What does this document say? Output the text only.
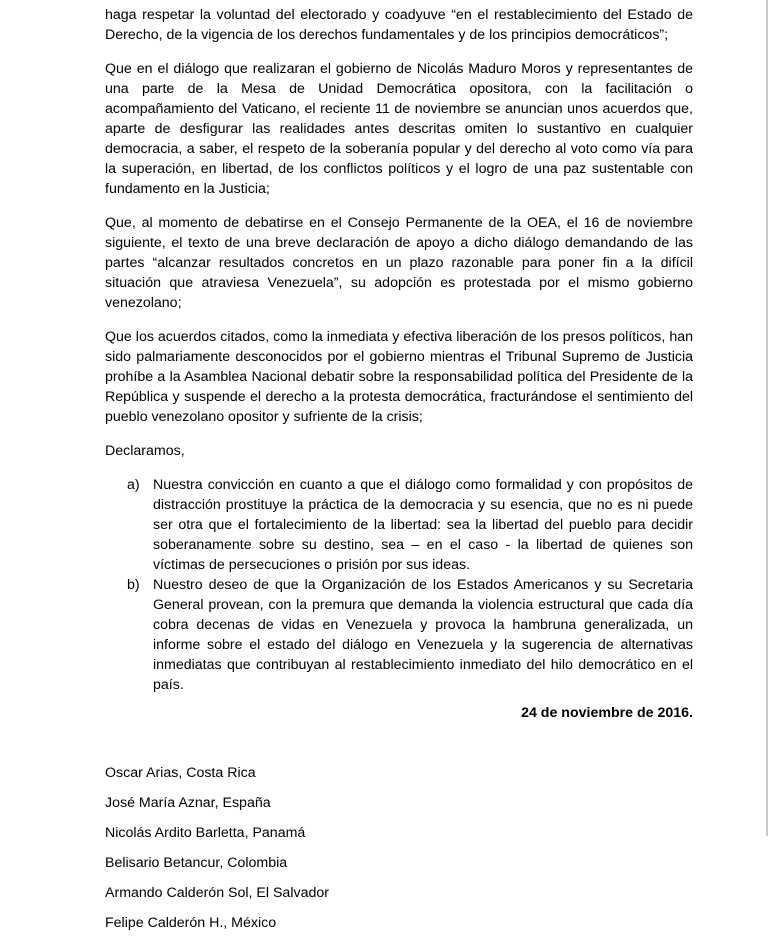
haga respetar la voluntad del electorado y coadyuve “en el restablecimiento del Estado de Derecho, de la vigencia de los derechos fundamentales y de los principios democráticos”;

Que en el diálogo que realizaran el gobierno de Nicolás Maduro Moros y representantes de una parte de la Mesa de Unidad Democrática opositora, con la facilitación o acompañamiento del Vaticano, el reciente 11 de noviembre se anuncian unos acuerdos que, aparte de desfigurar las realidades antes descritas omiten lo sustantivo en cualquier democracia, a saber, el respeto de la soberanía popular y del derecho al voto como vía para la superación, en libertad, de los conflictos políticos y el logro de una paz sustentable con fundamento en la Justicia;

Que, al momento de debatirse en el Consejo Permanente de la OEA, el 16 de noviembre siguiente, el texto de una breve declaración de apoyo a dicho diálogo demandando de las partes “alcanzar resultados concretos en un plazo razonable para poner fin a la difícil situación que atraviesa Venezuela”, su adopción es protestada por el mismo gobierno venezolano;

Que los acuerdos citados, como la inmediata y efectiva liberación de los presos políticos, han sido palmariamente desconocidos por el gobierno mientras el Tribunal Supremo de Justicia prohíbe a la Asamblea Nacional debatir sobre la responsabilidad política del Presidente de la República y suspende el derecho a la protesta democrática, fracturándose el sentimiento del pueblo venezolano opositor y sufriente de la crisis;

Declaramos,

a) Nuestra convicción en cuanto a que el diálogo como formalidad y con propósitos de distracción prostituye la práctica de la democracia y su esencia, que no es ni puede ser otra que el fortalecimiento de la libertad: sea la libertad del pueblo para decidir soberanamente sobre su destino, sea – en el caso - la libertad de quienes son víctimas de persecuciones o prisión por sus ideas.
b) Nuestro deseo de que la Organización de los Estados Americanos y su Secretaria General provean, con la premura que demanda la violencia estructural que cada día cobra decenas de vidas en Venezuela y provoca la hambruna generalizada, un informe sobre el estado del diálogo en Venezuela y la sugerencia de alternativas inmediatas que contribuyan al restablecimiento inmediato del hilo democrático en el país.
24 de noviembre de 2016.
Oscar Arias, Costa Rica
José María Aznar, España
Nicolás Ardito Barletta, Panamá
Belisario Betancur, Colombia
Armando Calderón Sol, El Salvador
Felipe Calderón H., México
